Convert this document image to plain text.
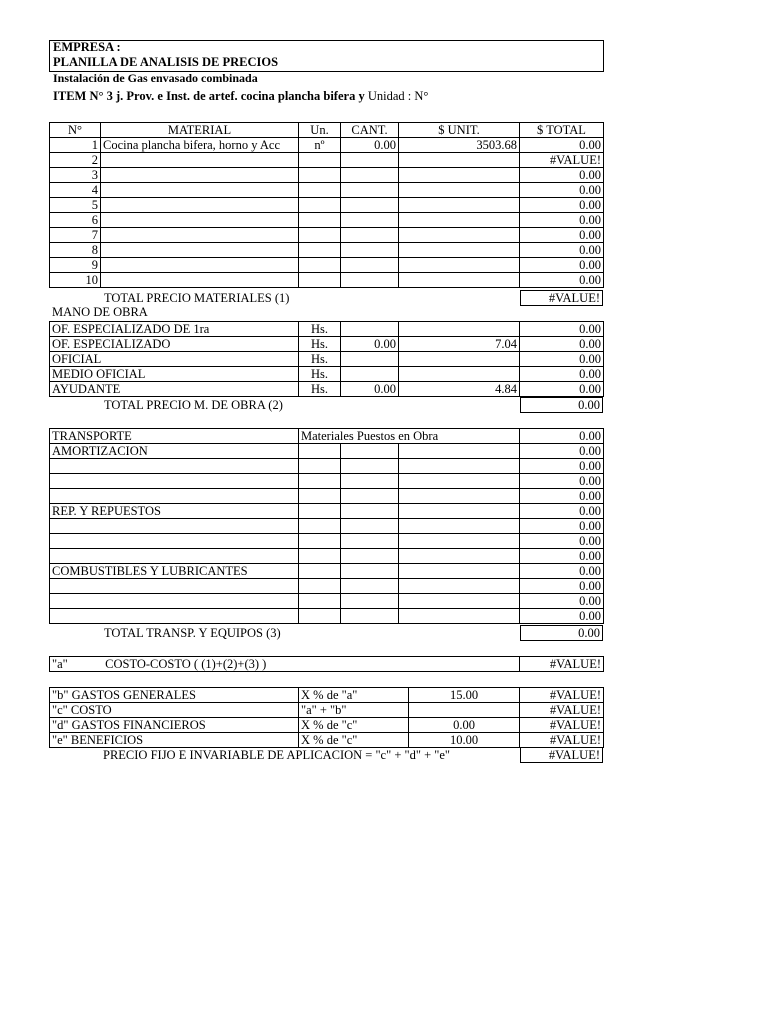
EMPRESA :
PLANILLA DE ANALISIS DE PRECIOS
Instalación de Gas envasado combinada
ITEM N° 3 j. Prov. e Inst. de artef. cocina plancha bifera y Unidad : N°
N°	MATERIAL	Un.	CANT.	$ UNIT.	$ TOTAL
1	Cocina plancha bifera, horno y Acc	nº	0.00	3503.68	0.00
2					#VALUE!
3					0.00
4					0.00
5					0.00
6					0.00
7					0.00
8					0.00
9					0.00
10					0.00
TOTAL PRECIO MATERIALES (1)	#VALUE!
MANO DE OBRA
OF. ESPECIALIZADO DE 1ra	Hs.			0.00
OF. ESPECIALIZADO	Hs.	0.00	7.04	0.00
OFICIAL	Hs.			0.00
MEDIO OFICIAL	Hs.			0.00
AYUDANTE	Hs.	0.00	4.84	0.00
TOTAL PRECIO M. DE OBRA (2)	0.00
TRANSPORTE	Materiales Puestos en Obra			0.00
AMORTIZACION				0.00
				0.00
				0.00
				0.00
REP. Y REPUESTOS				0.00
				0.00
				0.00
				0.00
COMBUSTIBLES Y LUBRICANTES				0.00
				0.00
				0.00
				0.00
TOTAL TRANSP. Y EQUIPOS (3)	0.00
"a"	COSTO-COSTO ( (1)+(2)+(3) )	#VALUE!
"b" GASTOS GENERALES	X % de "a"	15.00	#VALUE!
"c" COSTO	"a" + "b"		#VALUE!
"d" GASTOS FINANCIEROS	X % de "c"	0.00	#VALUE!
"e" BENEFICIOS	X % de "c"	10.00	#VALUE!
PRECIO FIJO E INVARIABLE DE APLICACION = "c" + "d" + "e"	#VALUE!
